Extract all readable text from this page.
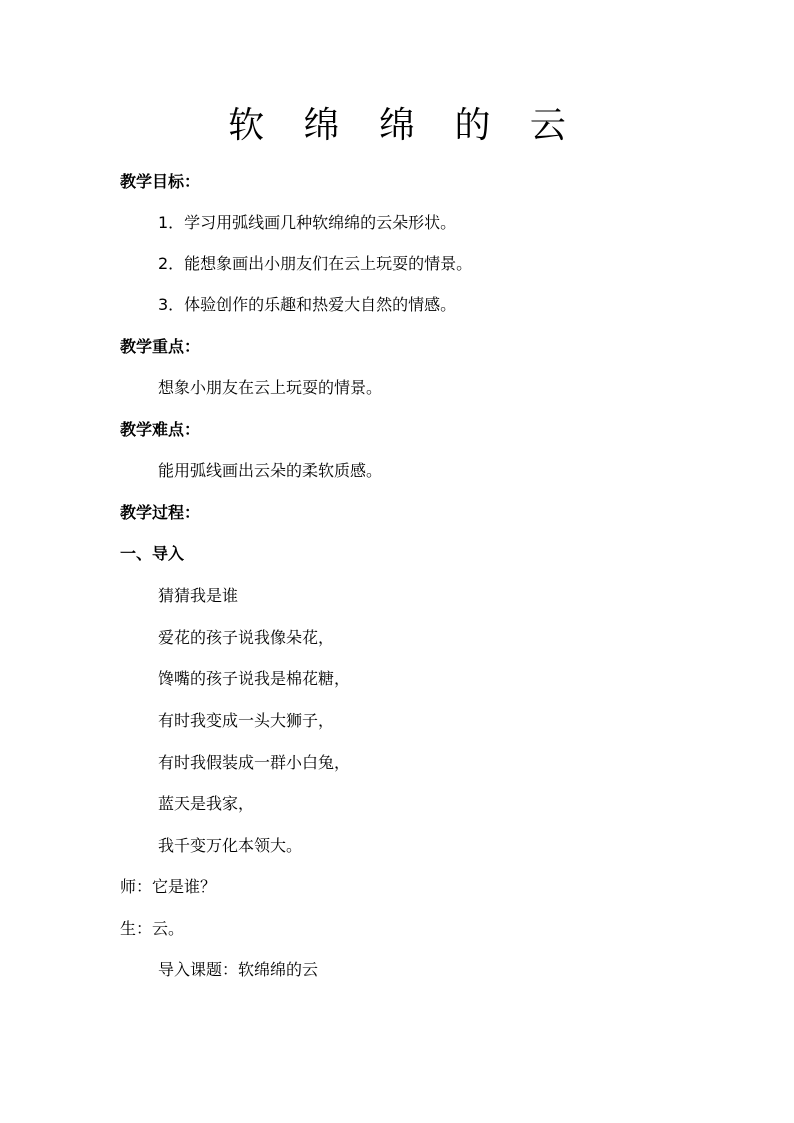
软 绵 绵 的 云
教学目标：
1．学习用弧线画几种软绵绵的云朵形状。
2．能想象画出小朋友们在云上玩耍的情景。
3．体验创作的乐趣和热爱大自然的情感。
教学重点：
想象小朋友在云上玩耍的情景。
教学难点：
能用弧线画出云朵的柔软质感。
教学过程：
一、导入
猜猜我是谁
爱花的孩子说我像朵花，
馋嘴的孩子说我是棉花糖，
有时我变成一头大狮子，
有时我假装成一群小白兔，
蓝天是我家，
我千变万化本领大。
师：它是谁？
生：云。
导入课题：软绵绵的云
